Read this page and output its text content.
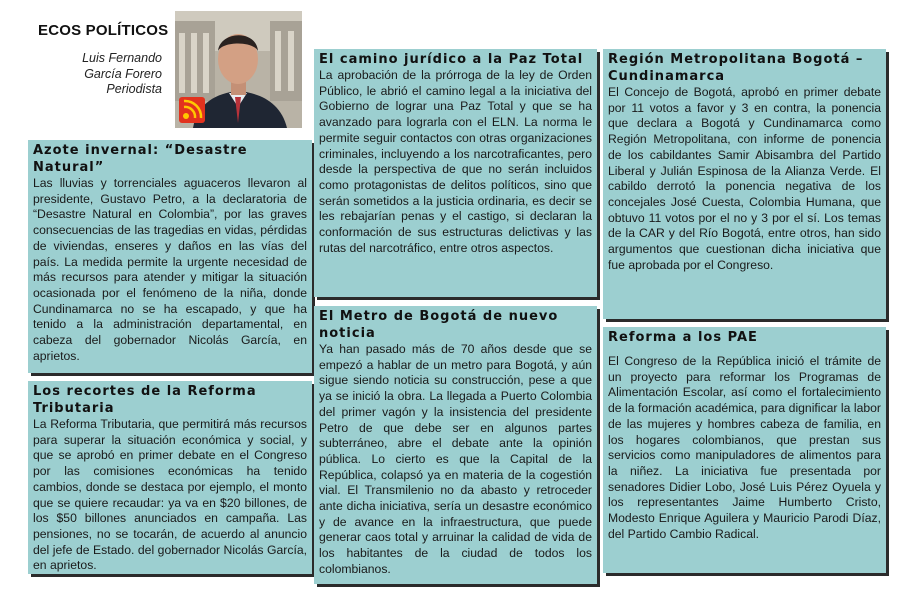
ECOS POLÍTICOS
Luis Fernando
García Forero
Periodista
Azote invernal: “Desastre Natural”

Las lluvias y torrenciales aguaceros llevaron al presidente, Gustavo Petro, a la declaratoria de “Desastre Natural en Colombia”, por las graves consecuencias de las tragedias en vidas, pérdidas de viviendas, enseres y daños en las vías del país. La medida permite la urgente necesidad de más recursos para atender y mitigar la situación ocasionada por el fenómeno de la niña, donde Cundinamarca no se ha escapado, y que ha tenido a la administración departamental, en cabeza del gobernador Nicolás García, en aprietos.

Los recortes de la Reforma Tributaria

La Reforma Tributaria, que permitirá más recursos para superar la situación económica y social, y que se aprobó en primer debate en el Congreso por las comisiones económicas ha tenido cambios, donde se destaca por ejemplo, el monto que se quiere recaudar: ya va en $20 billones, de los $50 billones anunciados en campaña. Las pensiones, no se tocarán, de acuerdo al anuncio del jefe de Estado. del gobernador Nicolás García, en aprietos.

El camino jurídico a la Paz Total

La aprobación de la prórroga de la ley de Orden Público, le abrió el camino legal a la iniciativa del Gobierno de lograr una Paz Total y que se ha avanzado para lograrla con el ELN. La norma le permite seguir contactos con otras organizaciones criminales, incluyendo a los narcotraficantes, pero desde la perspectiva de que no serán incluidos como protagonistas de delitos políticos, sino que serán sometidos a la justicia ordinaria, es decir se les rebajarían penas y el castigo, si declaran la conformación de sus estructuras delictivas y las rutas del narcotráfico, entre otros aspectos.

El Metro de Bogotá de nuevo noticia

Ya han pasado más de 70 años desde que se empezó a hablar de un metro para Bogotá, y aún sigue siendo noticia su construcción, pese a que ya se inició la obra. La llegada a Puerto Colombia del primer vagón y la insistencia del presidente Petro de que debe ser en algunos partes subterráneo, abre el debate ante la opinión pública. Lo cierto es que la Capital de la República, colapsó ya en materia de la cogestión vial. El Transmilenio no da abasto y retroceder ante dicha iniciativa, sería un desastre económico y de avance en la infraestructura, que puede generar caos total y arruinar la calidad de vida de los habitantes de la ciudad de todos los colombianos.

Región Metropolitana Bogotá – Cundinamarca

El Concejo de Bogotá, aprobó en primer debate por 11 votos a favor y 3 en contra, la ponencia que declara a Bogotá y Cundinamarca como Región Metropolitana, con informe de ponencia de los cabildantes Samir Abisambra del Partido Liberal y Julián Espinosa de la Alianza Verde. El cabildo derrotó la ponencia negativa de los concejales José Cuesta, Colombia Humana, que obtuvo 11 votos por el no y 3 por el sí. Los temas de la CAR y del Río Bogotá, entre otros, han sido argumentos que cuestionan dicha iniciativa que fue aprobada por el Congreso.

Reforma a los PAE

El Congreso de la República inició el trámite de un proyecto para reformar los Programas de Alimentación Escolar, así como el fortalecimiento de la formación académica, para dignificar la labor de las mujeres y hombres cabeza de familia, en los hogares colombianos, que prestan sus servicios como manipuladores de alimentos para la niñez. La iniciativa fue presentada por senadores Didier Lobo, José Luis Pérez Oyuela y los representantes Jaime Humberto Cristo, Modesto Enrique Aguilera y Mauricio Parodi Díaz, del Partido Cambio Radical.
